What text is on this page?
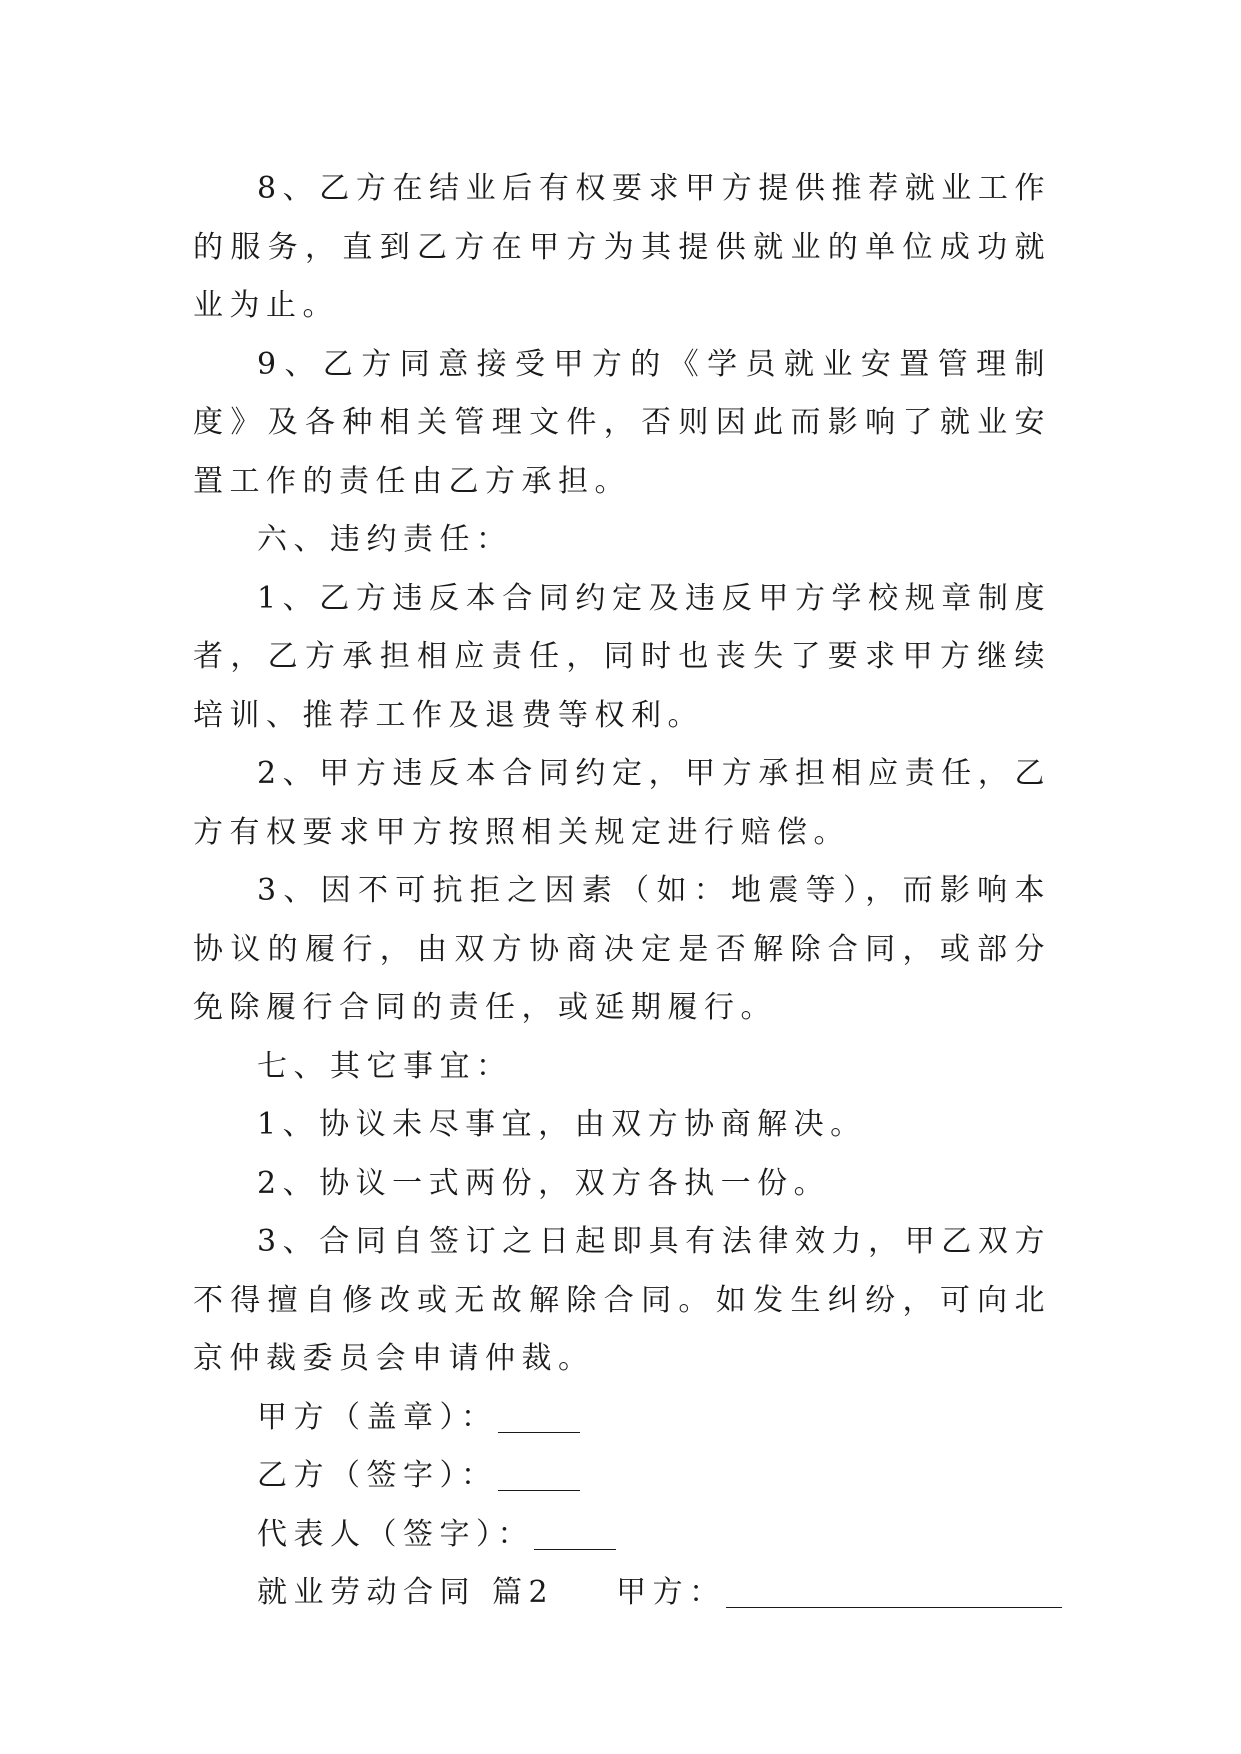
8、乙方在结业后有权要求甲方提供推荐就业工作的服务，直到乙方在甲方为其提供就业的单位成功就业为止。

9、乙方同意接受甲方的《学员就业安置管理制度》及各种相关管理文件，否则因此而影响了就业安置工作的责任由乙方承担。

六、违约责任：

1、乙方违反本合同约定及违反甲方学校规章制度者，乙方承担相应责任，同时也丧失了要求甲方继续培训、推荐工作及退费等权利。

2、甲方违反本合同约定，甲方承担相应责任，乙方有权要求甲方按照相关规定进行赔偿。

3、因不可抗拒之因素（如：地震等），而影响本协议的履行，由双方协商决定是否解除合同，或部分免除履行合同的责任，或延期履行。

七、其它事宜：

1、协议未尽事宜，由双方协商解决。

2、协议一式两份，双方各执一份。

3、合同自签订之日起即具有法律效力，甲乙双方不得擅自修改或无故解除合同。如发生纠纷，可向北京仲裁委员会申请仲裁。

甲方（盖章）：

乙方（签字）：

代表人（签字）：

就业劳动合同 篇2 甲方：
